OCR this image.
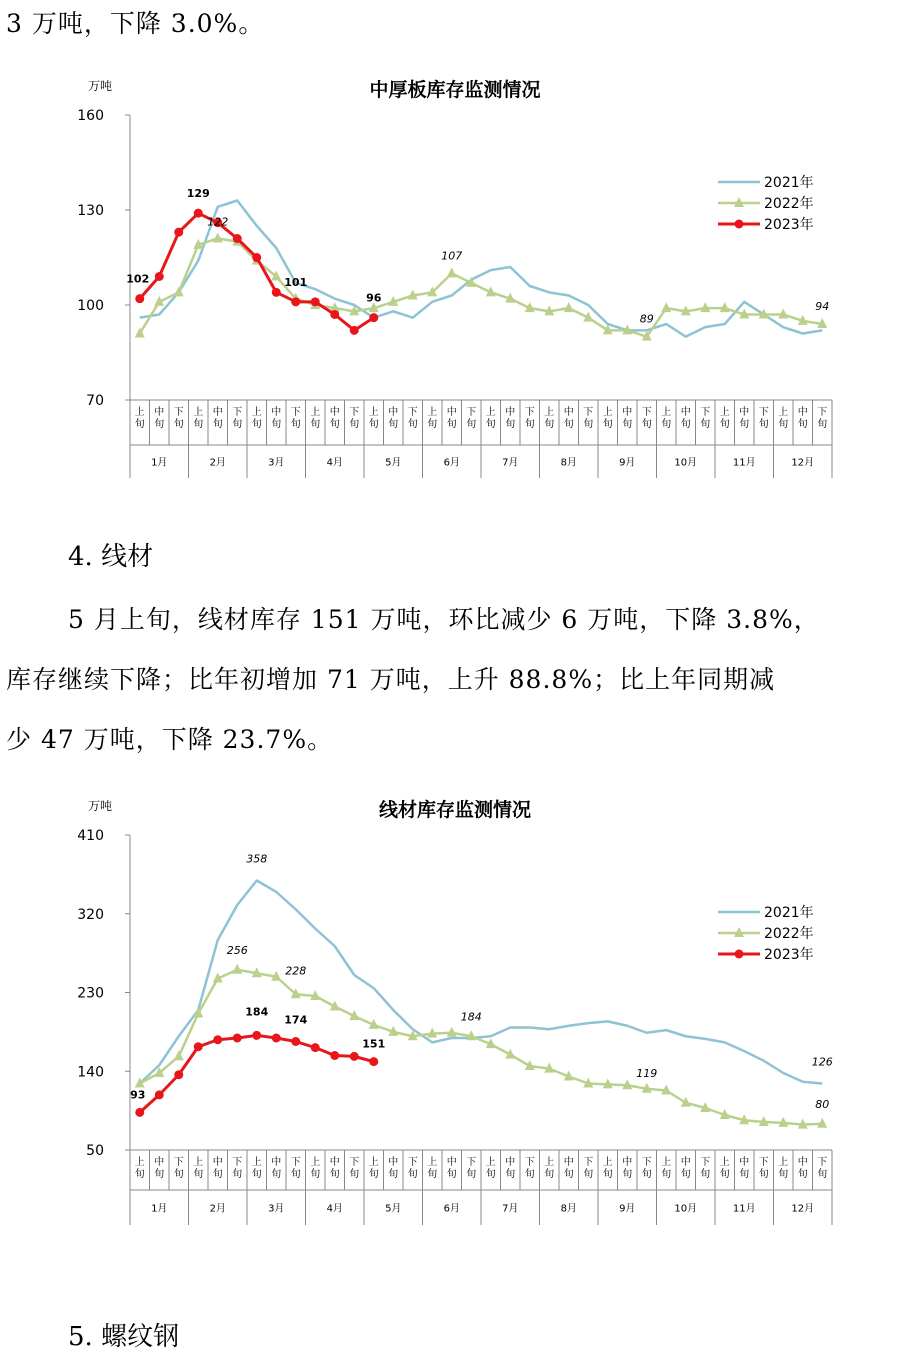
3 万吨，下降 3.0%。

中厚板库存监测情况
万吨
70
100
130
160
上
旬
中
旬
下
旬
上
旬
中
旬
下
旬
上
旬
中
旬
下
旬
上
旬
中
旬
下
旬
上
旬
中
旬
下
旬
上
旬
中
旬
下
旬
上
旬
中
旬
下
旬
上
旬
中
旬
下
旬
上
旬
中
旬
下
旬
上
旬
中
旬
下
旬
上
旬
中
旬
下
旬
上
旬
中
旬
下
旬
1月	2月	3月	4月	5月	6月	7月	8月	9月	10月	11月	12月
102
129
122
101
96
107
89
94
2021年
2022年
2023年

4. 线材

5 月上旬，线材库存 151 万吨，环比减少 6 万吨，下降 3.8%，

库存继续下降；比年初增加 71 万吨，上升 88.8%；比上年同期减

少 47 万吨，下降 23.7%。

线材库存监测情况
万吨
50
140
230
320
410
上
旬
中
旬
下
旬
上
旬
中
旬
下
旬
上
旬
中
旬
下
旬
上
旬
中
旬
下
旬
上
旬
中
旬
下
旬
上
旬
中
旬
下
旬
上
旬
中
旬
下
旬
上
旬
中
旬
下
旬
上
旬
中
旬
下
旬
上
旬
中
旬
下
旬
上
旬
中
旬
下
旬
上
旬
中
旬
下
旬
1月	2月	3月	4月	5月	6月	7月	8月	9月	10月	11月	12月
93
358
256
184
228
174
151
184
119
126
80
2021年
2022年
2023年

5. 螺纹钢
